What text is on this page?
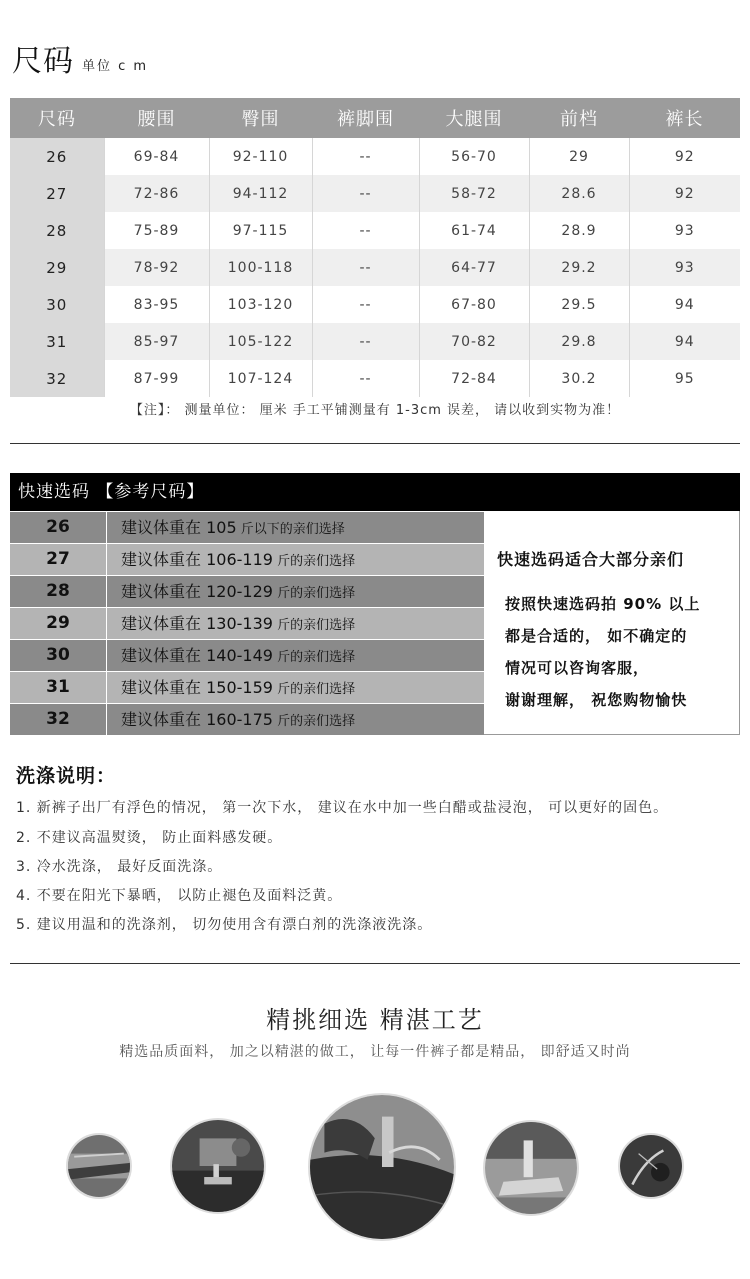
尺码 单位 c m
尺码	腰围	臀围	裤脚围	大腿围	前档	裤长
26	69-84	92-110	--	56-70	29	92
27	72-86	94-112	--	58-72	28.6	92
28	75-89	97-115	--	61-74	28.9	93
29	78-92	100-118	--	64-77	29.2	93
30	83-95	103-120	--	67-80	29.5	94
31	85-97	105-122	--	70-82	29.8	94
32	87-99	107-124	--	72-84	30.2	95
【注】： 测量单位： 厘米 手工平铺测量有 1-3cm 误差， 请以收到实物为准！
快速选码 【参考尺码】
26	建议体重在 105 斤以下的亲们选择
27	建议体重在 106-119 斤的亲们选择
28	建议体重在 120-129 斤的亲们选择
29	建议体重在 130-139 斤的亲们选择
30	建议体重在 140-149 斤的亲们选择
31	建议体重在 150-159 斤的亲们选择
32	建议体重在 160-175 斤的亲们选择
快速选码适合大部分亲们
按照快速选码拍 90% 以上
都是合适的， 如不确定的
情况可以咨询客服，
谢谢理解， 祝您购物愉快
洗涤说明：
1. 新裤子出厂有浮色的情况， 第一次下水， 建议在水中加一些白醋或盐浸泡， 可以更好的固色。
2. 不建议高温熨烫， 防止面料感发硬。
3. 冷水洗涤， 最好反面洗涤。
4. 不要在阳光下暴晒， 以防止褪色及面料泛黄。
5. 建议用温和的洗涤剂， 切勿使用含有漂白剂的洗涤液洗涤。
精挑细选 精湛工艺
精选品质面料， 加之以精湛的做工， 让每一件裤子都是精品， 即舒适又时尚
